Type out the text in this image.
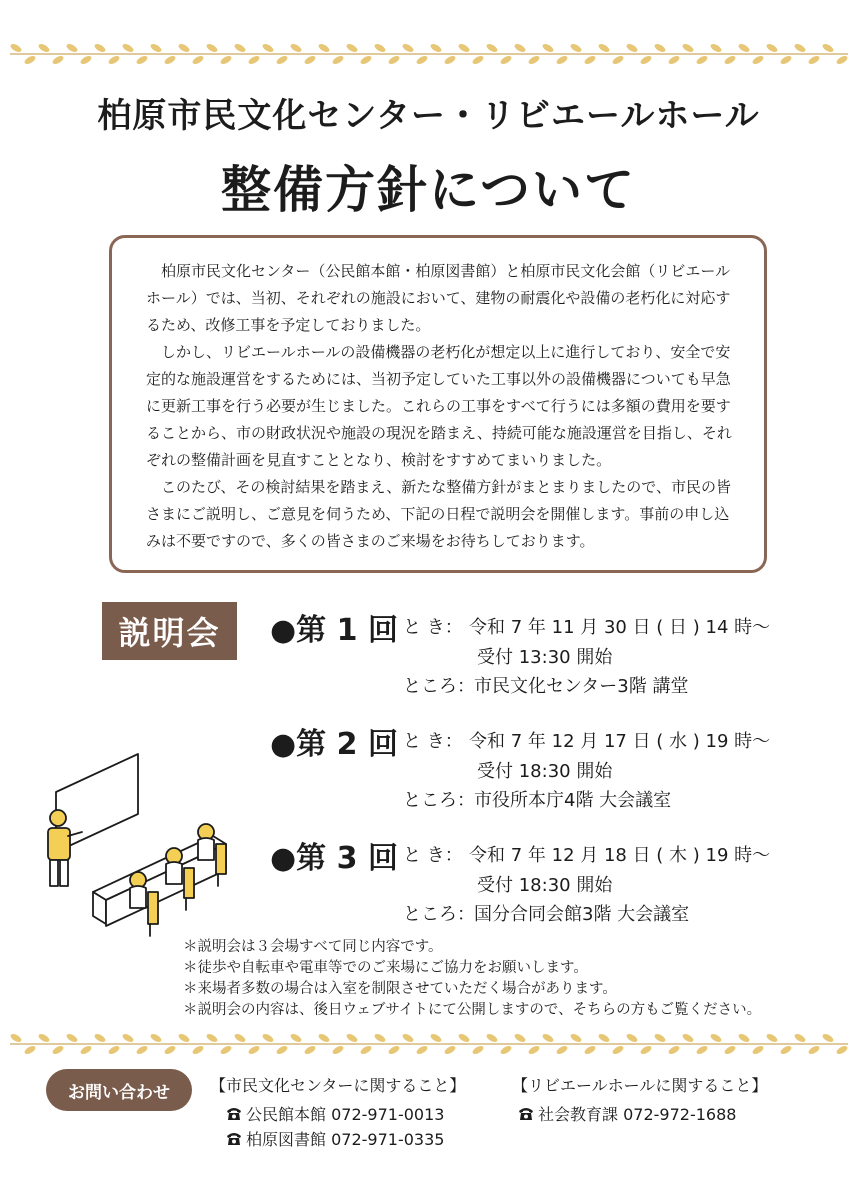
柏原市民文化センター・リビエールホール
整備方針について

柏原市民文化センター（公民館本館・柏原図書館）と柏原市民文化会館（リビエールホール）では、当初、それぞれの施設において、建物の耐震化や設備の老朽化に対応するため、改修工事を予定しておりました。

しかし、リビエールホールの設備機器の老朽化が想定以上に進行しており、安全で安定的な施設運営をするためには、当初予定していた工事以外の設備機器についても早急に更新工事を行う必要が生じました。これらの工事をすべて行うには多額の費用を要することから、市の財政状況や施設の現況を踏まえ、持続可能な施設運営を目指し、それぞれの整備計画を見直すこととなり、検討をすすめてまいりました。

このたび、その検討結果を踏まえ、新たな整備方針がまとまりましたので、市民の皆さまにご説明し、ご意見を伺うため、下記の日程で説明会を開催します。事前の申し込みは不要ですので、多くの皆さまのご来場をお待ちしております。

説明会	●第 1 回 と き： 令和 7 年 11 月 30 日 ( 日 ) 14 時〜
受付 13:30 開始
ところ： 市民文化センター3階 講堂
●第 2 回 と き： 令和 7 年 12 月 17 日 ( 水 ) 19 時〜
受付 18:30 開始
ところ： 市役所本庁4階 大会議室
●第 3 回 と き： 令和 7 年 12 月 18 日 ( 木 ) 19 時〜
受付 18:30 開始
ところ： 国分合同会館3階 大会議室
＊説明会は３会場すべて同じ内容です。
＊徒歩や自転車や電車等でのご来場にご協力をお願いします。
＊来場者多数の場合は入室を制限させていただく場合があります。
＊説明会の内容は、後日ウェブサイトにて公開しますので、そちらの方もご覧ください。
お問い合わせ	【市民文化センターに関すること】
公民館本館 072-971-0013
柏原図書館 072-971-0335
【リビエールホールに関すること】
社会教育課 072-972-1688
